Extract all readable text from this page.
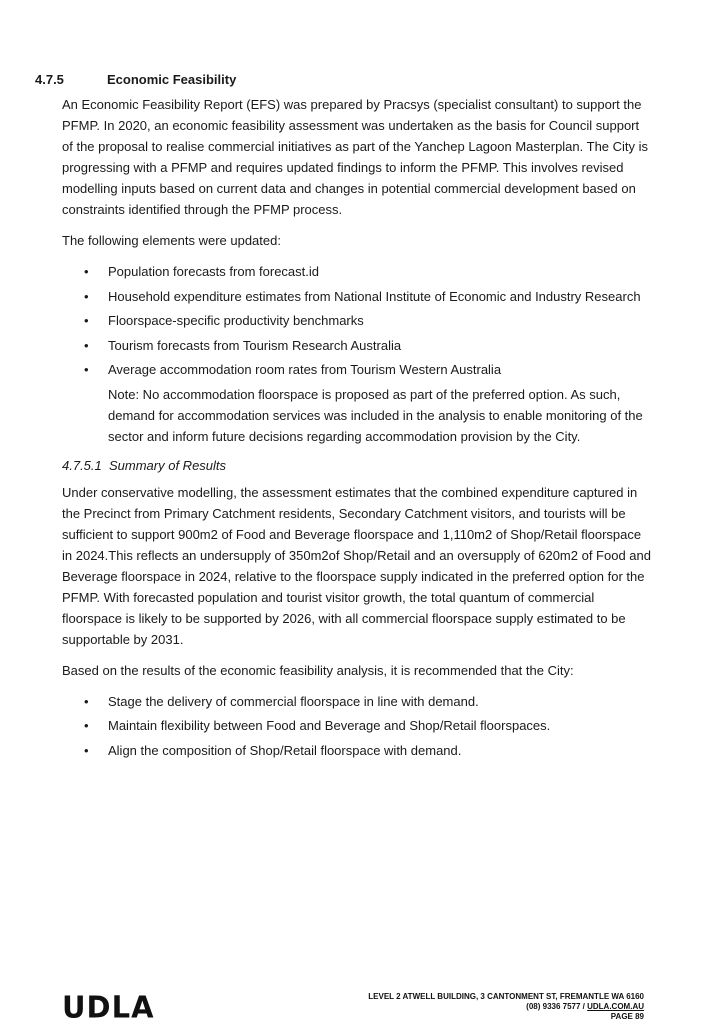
4.7.5	Economic Feasibility

An Economic Feasibility Report (EFS) was prepared by Pracsys (specialist consultant) to support the PFMP. In 2020, an economic feasibility assessment was undertaken as the basis for Council support of the proposal to realise commercial initiatives as part of the Yanchep Lagoon Masterplan. The City is progressing with a PFMP and requires updated findings to inform the PFMP. This involves revised modelling inputs based on current data and changes in potential commercial development based on constraints identified through the PFMP process.

The following elements were updated:

• Population forecasts from forecast.id
• Household expenditure estimates from National Institute of Economic and Industry Research
• Floorspace-specific productivity benchmarks
• Tourism forecasts from Tourism Research Australia
• Average accommodation room rates from Tourism Western Australia

Note: No accommodation floorspace is proposed as part of the preferred option. As such, demand for accommodation services was included in the analysis to enable monitoring of the sector and inform future decisions regarding accommodation provision by the City.

4.7.5.1 Summary of Results

Under conservative modelling, the assessment estimates that the combined expenditure captured in the Precinct from Primary Catchment residents, Secondary Catchment visitors, and tourists will be sufficient to support 900m2 of Food and Beverage floorspace and 1,110m2 of Shop/Retail floorspace in 2024.This reflects an undersupply of 350m2of Shop/Retail and an oversupply of 620m2 of Food and Beverage floorspace in 2024, relative to the floorspace supply indicated in the preferred option for the PFMP. With forecasted population and tourist visitor growth, the total quantum of commercial floorspace is likely to be supported by 2026, with all commercial floorspace supply estimated to be supportable by 2031.

Based on the results of the economic feasibility analysis, it is recommended that the City:

• Stage the delivery of commercial floorspace in line with demand.
• Maintain flexibility between Food and Beverage and Shop/Retail floorspaces.
• Align the composition of Shop/Retail floorspace with demand.
UDLA	LEVEL 2 ATWELL BUILDING, 3 CANTONMENT ST, FREMANTLE WA 6160
(08) 9336 7577 / UDLA.COM.AU
PAGE 89
